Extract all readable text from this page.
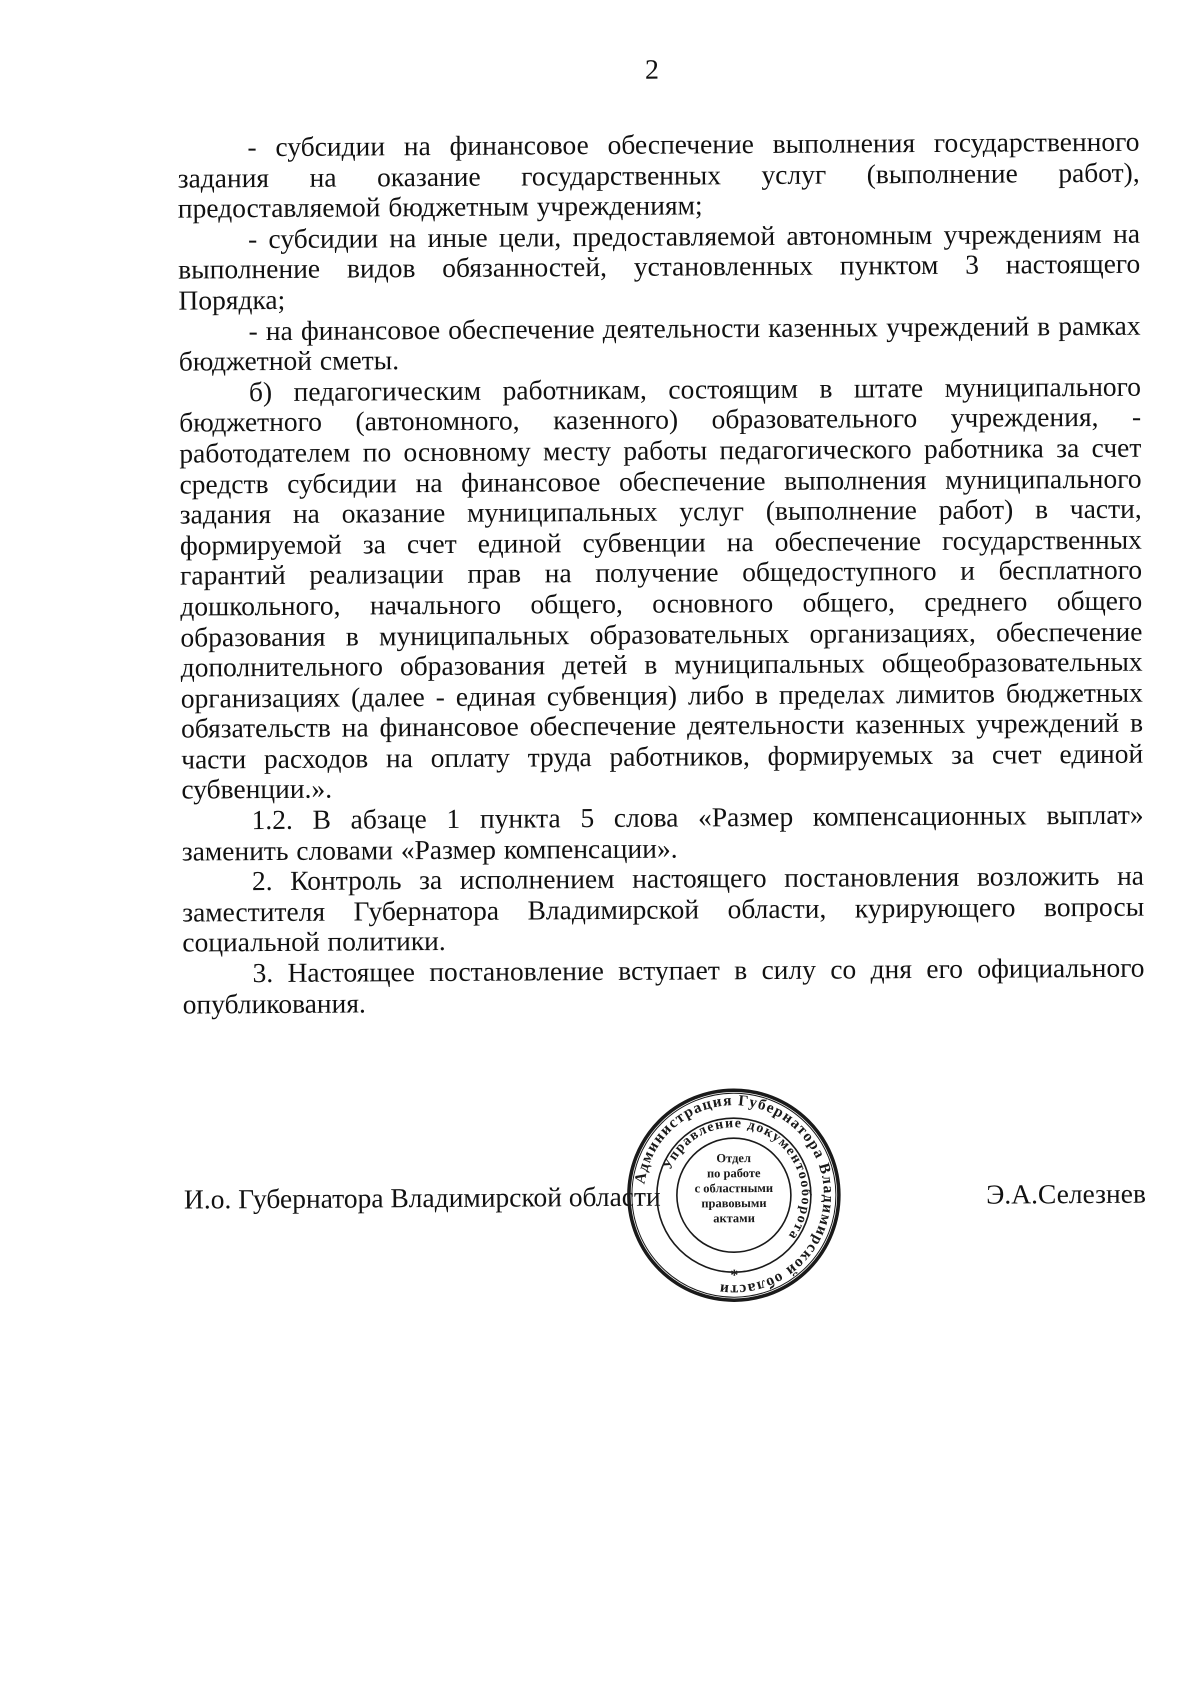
2

- субсидии на финансовое обеспечение выполнения государственного задания на оказание государственных услуг (выполнение работ), предоставляемой бюджетным учреждениям;

- субсидии на иные цели, предоставляемой автономным учреждениям на выполнение видов обязанностей, установленных пунктом 3 настоящего Порядка;

- на финансовое обеспечение деятельности казенных учреждений в рамках бюджетной сметы.

б) педагогическим работникам, состоящим в штате муниципального бюджетного (автономного, казенного) образовательного учреждения, - работодателем по основному месту работы педагогического работника за счет средств субсидии на финансовое обеспечение выполнения муниципального задания на оказание муниципальных услуг (выполнение работ) в части, формируемой за счет единой субвенции на обеспечение государственных гарантий реализации прав на получение общедоступного и бесплатного дошкольного, начального общего, основного общего, среднего общего образования в муниципальных образовательных организациях, обеспечение дополнительного образования детей в муниципальных общеобразовательных организациях (далее - единая субвенция) либо в пределах лимитов бюджетных обязательств на финансовое обеспечение деятельности казенных учреждений в части расходов на оплату труда работников, формируемых за счет единой субвенции.».

1.2. В абзаце 1 пункта 5 слова «Размер компенсационных выплат» заменить словами «Размер компенсации».

2. Контроль за исполнением настоящего постановления возложить на заместителя Губернатора Владимирской области, курирующего вопросы социальной политики.

3. Настоящее постановление вступает в силу со дня его официального опубликования.

И.о. Губернатора Владимирской области	Э.А.Селезнев
Администрация Губернатора Владимирской области
Управление документооборота
*
Отдел
по работе
с областными
правовыми
актами
